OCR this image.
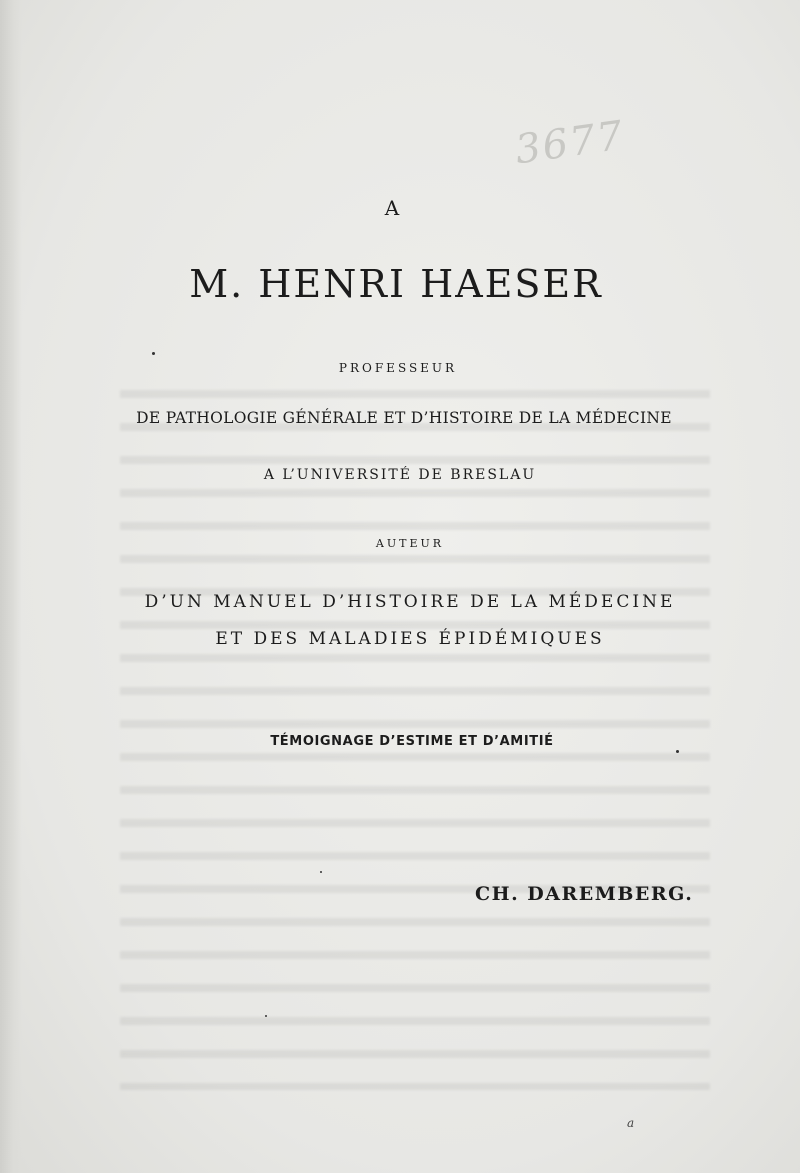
3677
A
M. HENRI HAESER
PROFESSEUR
DE PATHOLOGIE GÉNÉRALE ET D’HISTOIRE DE LA MÉDECINE
A L’UNIVERSITÉ DE BRESLAU
AUTEUR
D’UN MANUEL D’HISTOIRE DE LA MÉDECINE
ET DES MALADIES ÉPIDÉMIQUES
TÉMOIGNAGE D’ESTIME ET D’AMITIÉ
CH. DAREMBERG.
a
